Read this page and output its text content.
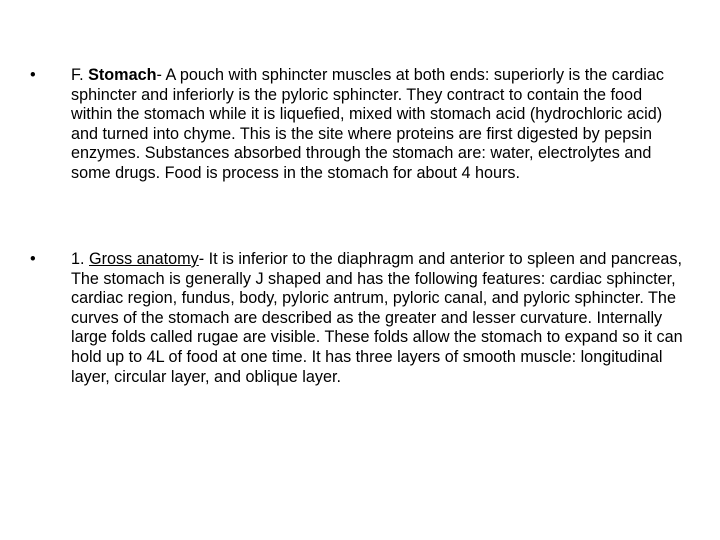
•	F. Stomach- A pouch with sphincter muscles at both ends: superiorly is the cardiac sphincter and inferiorly is the pyloric sphincter. They contract to contain the food within the stomach while it is liquefied, mixed with stomach acid (hydrochloric acid) and turned into chyme. This is the site where proteins are first digested by pepsin enzymes. Substances absorbed through the stomach are: water, electrolytes and some drugs. Food is process in the stomach for about 4 hours.
•	1. Gross anatomy- It is inferior to the diaphragm and anterior to spleen and pancreas, The stomach is generally J shaped and has the following features: cardiac sphincter, cardiac region, fundus, body, pyloric antrum, pyloric canal, and pyloric sphincter. The curves of the stomach are described as the greater and lesser curvature. Internally large folds called rugae are visible. These folds allow the stomach to expand so it can hold up to 4L of food at one time. It has three layers of smooth muscle: longitudinal layer, circular layer, and oblique layer.
